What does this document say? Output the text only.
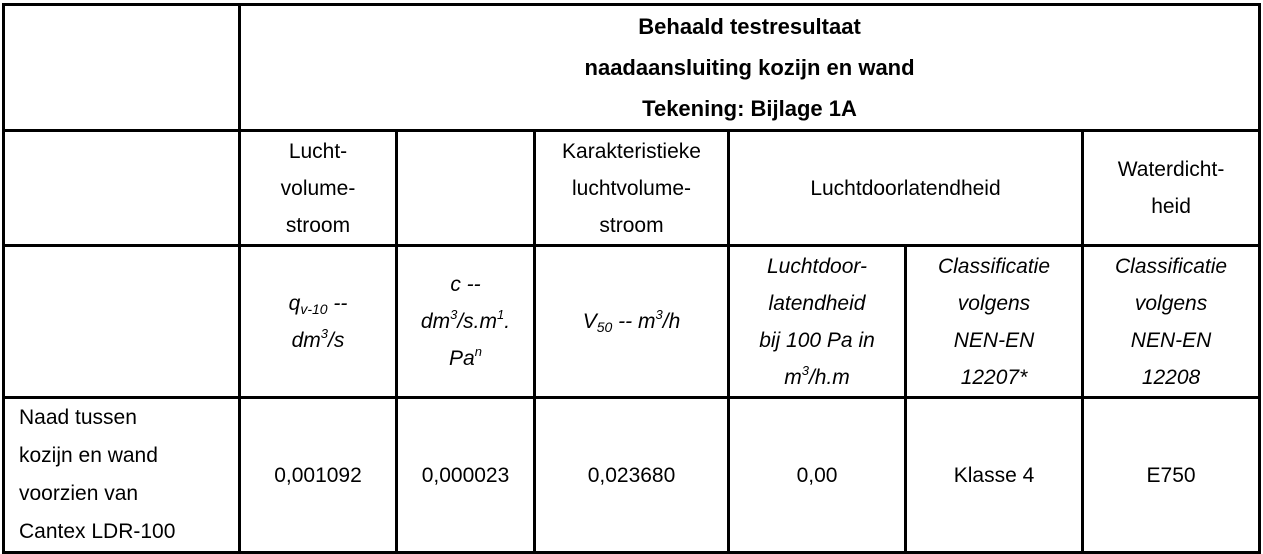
	Behaald testresultaat
naadaansluiting kozijn en wand
Tekening: Bijlage 1A					
	Lucht-
volume-
stroom		Karakteristieke
luchtvolume-
stroom	Luchtdoorlatendheid		Waterdicht-
heid
	$q_{v-10}$ --
$dm^3/s$	c --
$dm^3/s.m^1$.
Pa$^n$	$V_{50} -- m^3/h$	Luchtdoor-
latendheid
bij 100 Pa in
$m^3/h.m$	Classificatie
volgens
NEN-EN
12207*	Classificatie
volgens
NEN-EN
12208
Naad tussen
kozijn en wand
voorzien van
Cantex LDR-100	0,001092	0,000023	0,023680	0,00	Klasse 4	E750
